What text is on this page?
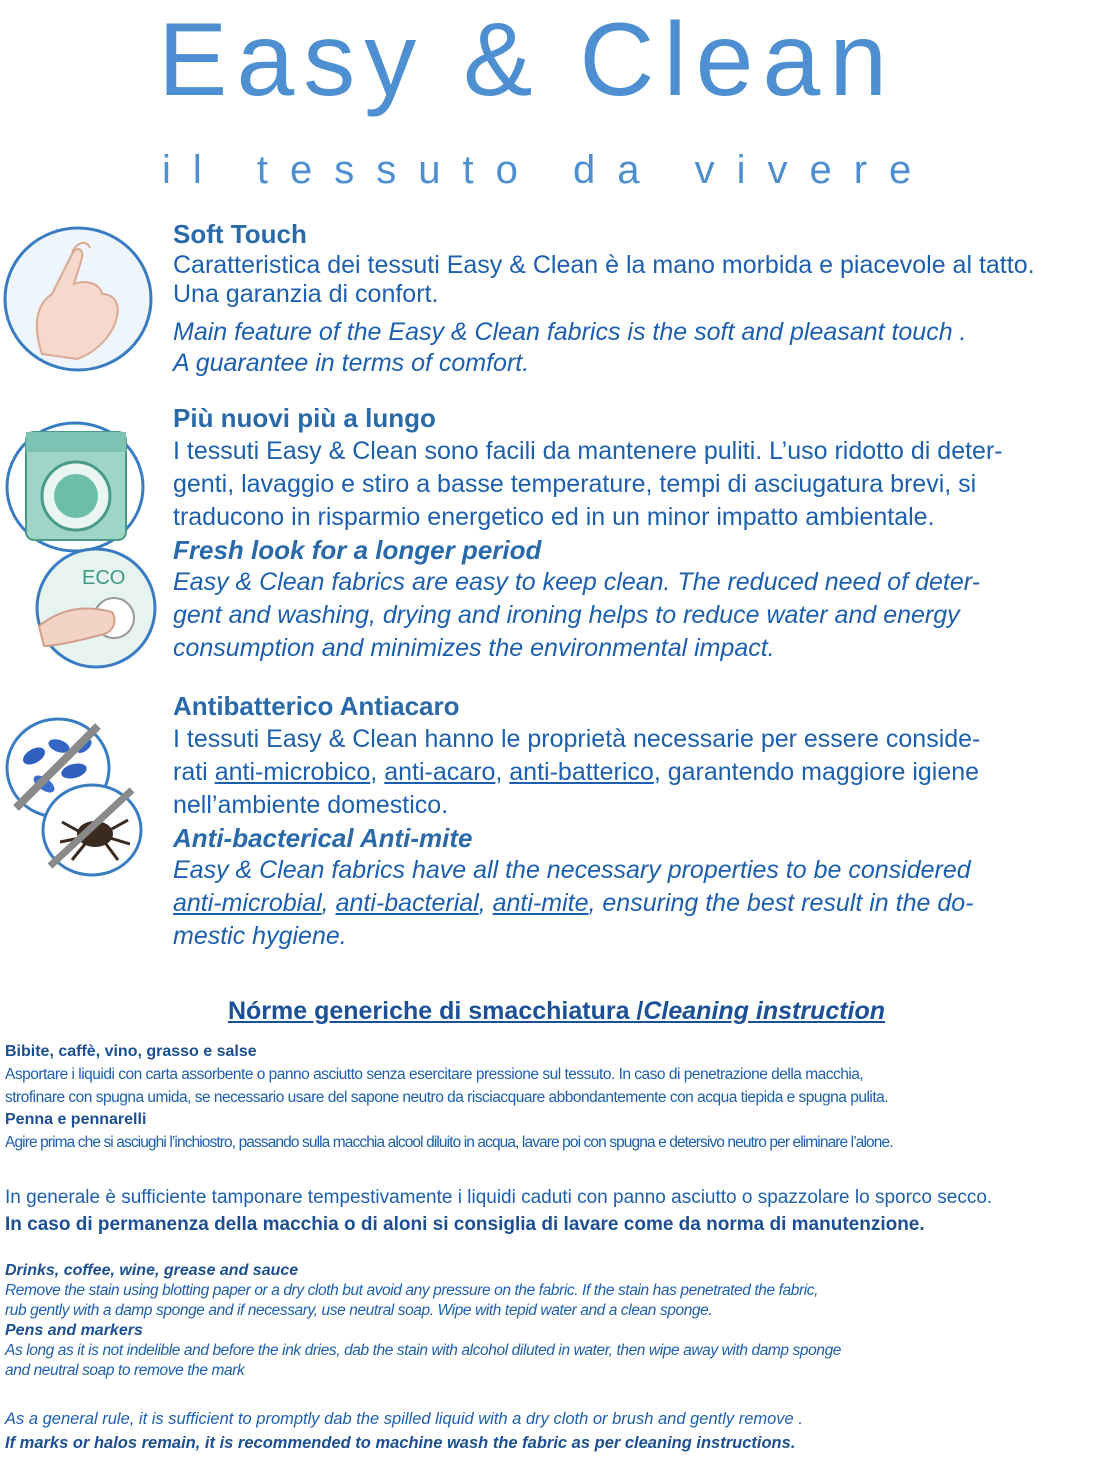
Easy & Clean
il tessuto da vivere

Soft Touch

Caratteristica dei tessuti Easy & Clean è la mano morbida e piacevole al tatto.

Una garanzia di confort.

Main feature of the Easy & Clean fabrics is the soft and pleasant touch .

A guarantee in terms of comfort.

ECO

Più nuovi più a lungo

I tessuti Easy & Clean sono facili da mantenere puliti. L’uso ridotto di deter-

genti, lavaggio e stiro a basse temperature, tempi di asciugatura brevi, si

traducono in risparmio energetico ed in un minor impatto ambientale.

Fresh look for a longer period

Easy & Clean fabrics are easy to keep clean. The reduced need of deter-

gent and washing, drying and ironing helps to reduce water and energy

consumption and minimizes the environmental impact.

Antibatterico Antiacaro

I tessuti Easy & Clean hanno le proprietà necessarie per essere conside-

rati anti-microbico, anti-acaro, anti-batterico, garantendo maggiore igiene

nell’ambiente domestico.

Anti-bacterical Anti-mite

Easy & Clean fabrics have all the necessary properties to be considered

anti-microbial, anti-bacterial, anti-mite, ensuring the best result in the do-

mestic hygiene.

Nórme generiche di smacchiatura /Cleaning instruction

Bibite, caffè, vino, grasso e salse

Asportare i liquidi con carta assorbente o panno asciutto senza esercitare pressione sul tessuto. In caso di penetrazione della macchia,

strofinare con spugna umida, se necessario usare del sapone neutro da risciacquare abbondantemente con acqua tiepida e spugna pulita.

Penna e pennarelli

Agire prima che si asciughi l’inchiostro, passando sulla macchia alcool diluito in acqua, lavare poi con spugna e detersivo neutro per eliminare l’alone.

In generale è sufficiente tamponare tempestivamente i liquidi caduti con panno asciutto o spazzolare lo sporco secco.

In caso di permanenza della macchia o di aloni si consiglia di lavare come da norma di manutenzione.

Drinks, coffee, wine, grease and sauce

Remove the stain using blotting paper or a dry cloth but avoid any pressure on the fabric. If the stain has penetrated the fabric,

rub gently with a damp sponge and if necessary, use neutral soap. Wipe with tepid water and a clean sponge.

Pens and markers

As long as it is not indelible and before the ink dries, dab the stain with alcohol diluted in water, then wipe away with damp sponge

and neutral soap to remove the mark

As a general rule, it is sufficient to promptly dab the spilled liquid with a dry cloth or brush and gently remove .

If marks or halos remain, it is recommended to machine wash the fabric as per cleaning instructions.
